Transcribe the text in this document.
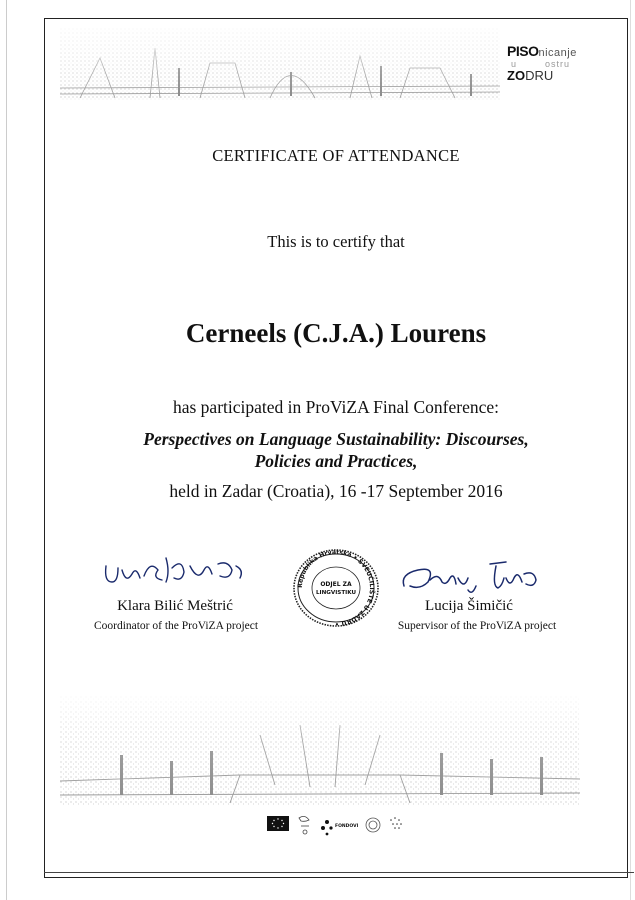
PISOnicanje
u	ostru
ZODRU
CERTIFICATE OF ATTENDANCE
This is to certify that
Cerneels (C.J.A.) Lourens
has participated in ProViZA Final Conference:
Perspectives on Language Sustainability: Discourses,
Policies and Practices,
held in Zadar (Croatia), 16 -17 September 2016
Klara Bilić Meštrić
Coordinator of the ProViZA project
Republika Hrvatska • SVEUČILIŠTE U ZADRU •
ODJEL ZA
LINGVISTIKU
Lucija Šimičić
Supervisor of the ProViZA project
FONDOVI
